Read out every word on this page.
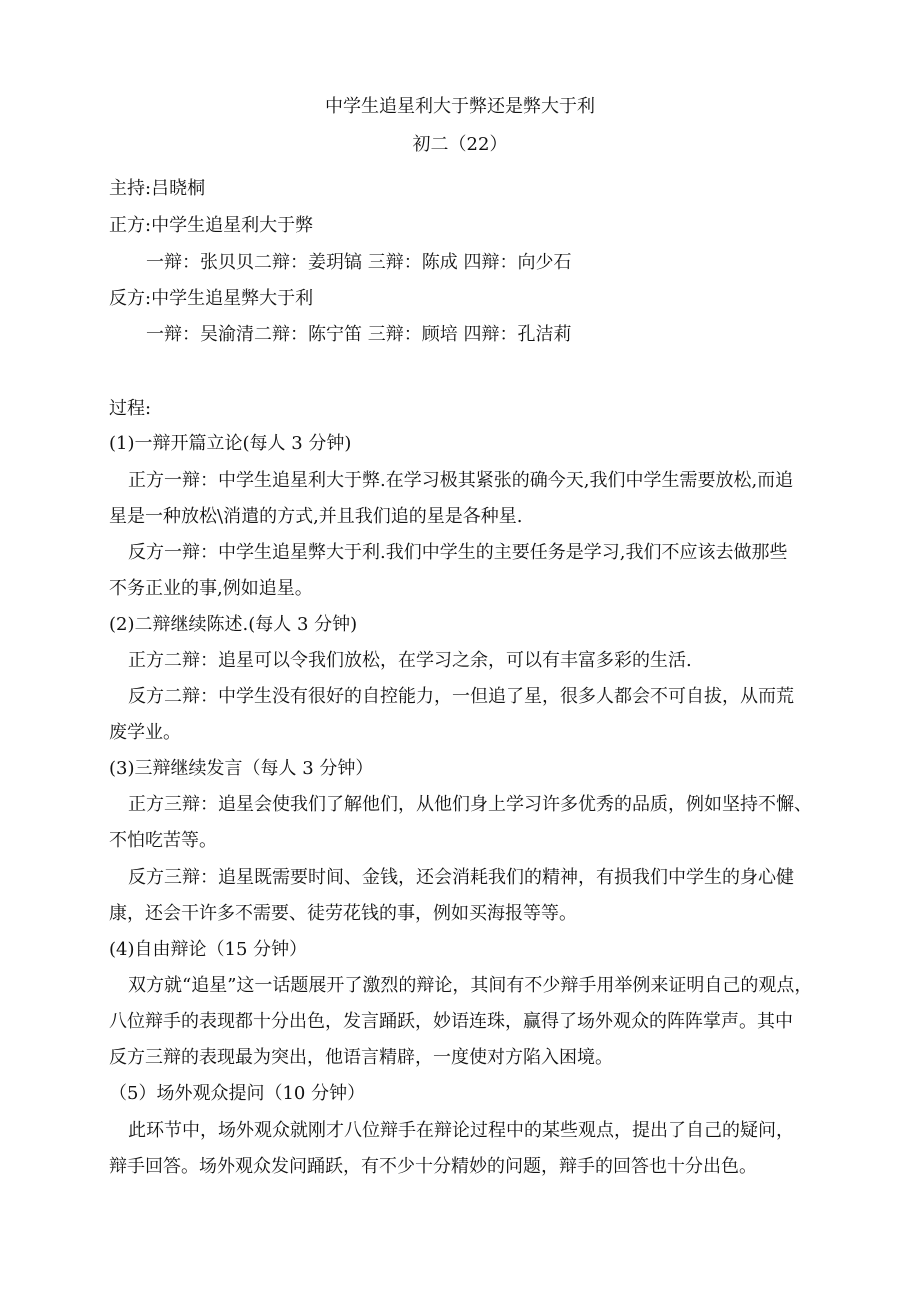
中学生追星利大于弊还是弊大于利
初二（22）
主持:吕晓桐
正方:中学生追星利大于弊
一辩：张贝贝二辩：姜玥镐 三辩：陈成 四辩：向少石
反方:中学生追星弊大于利
一辩：吴渝清二辩：陈宁笛 三辩：顾培 四辩：孔洁莉
过程:
(1)一辩开篇立论(每人 3 分钟)
正方一辩：中学生追星利大于弊.在学习极其紧张的确今天,我们中学生需要放松,而追
星是一种放松\消遣的方式,并且我们追的星是各种星.
反方一辩：中学生追星弊大于利.我们中学生的主要任务是学习,我们不应该去做那些
不务正业的事,例如追星。
(2)二辩继续陈述.(每人 3 分钟)
正方二辩：追星可以令我们放松，在学习之余，可以有丰富多彩的生活.
反方二辩：中学生没有很好的自控能力，一但追了星，很多人都会不可自拔，从而荒
废学业。
(3)三辩继续发言（每人 3 分钟）
正方三辩：追星会使我们了解他们，从他们身上学习许多优秀的品质，例如坚持不懈、
不怕吃苦等。
反方三辩：追星既需要时间、金钱，还会消耗我们的精神，有损我们中学生的身心健
康，还会干许多不需要、徒劳花钱的事，例如买海报等等。
(4)自由辩论（15 分钟）
双方就“追星”这一话题展开了激烈的辩论，其间有不少辩手用举例来证明自己的观点，
八位辩手的表现都十分出色，发言踊跃，妙语连珠，赢得了场外观众的阵阵掌声。其中
反方三辩的表现最为突出，他语言精辟，一度使对方陷入困境。
（5）场外观众提问（10 分钟）
此环节中，场外观众就刚才八位辩手在辩论过程中的某些观点，提出了自己的疑问，
辩手回答。场外观众发问踊跃，有不少十分精妙的问题，辩手的回答也十分出色。
